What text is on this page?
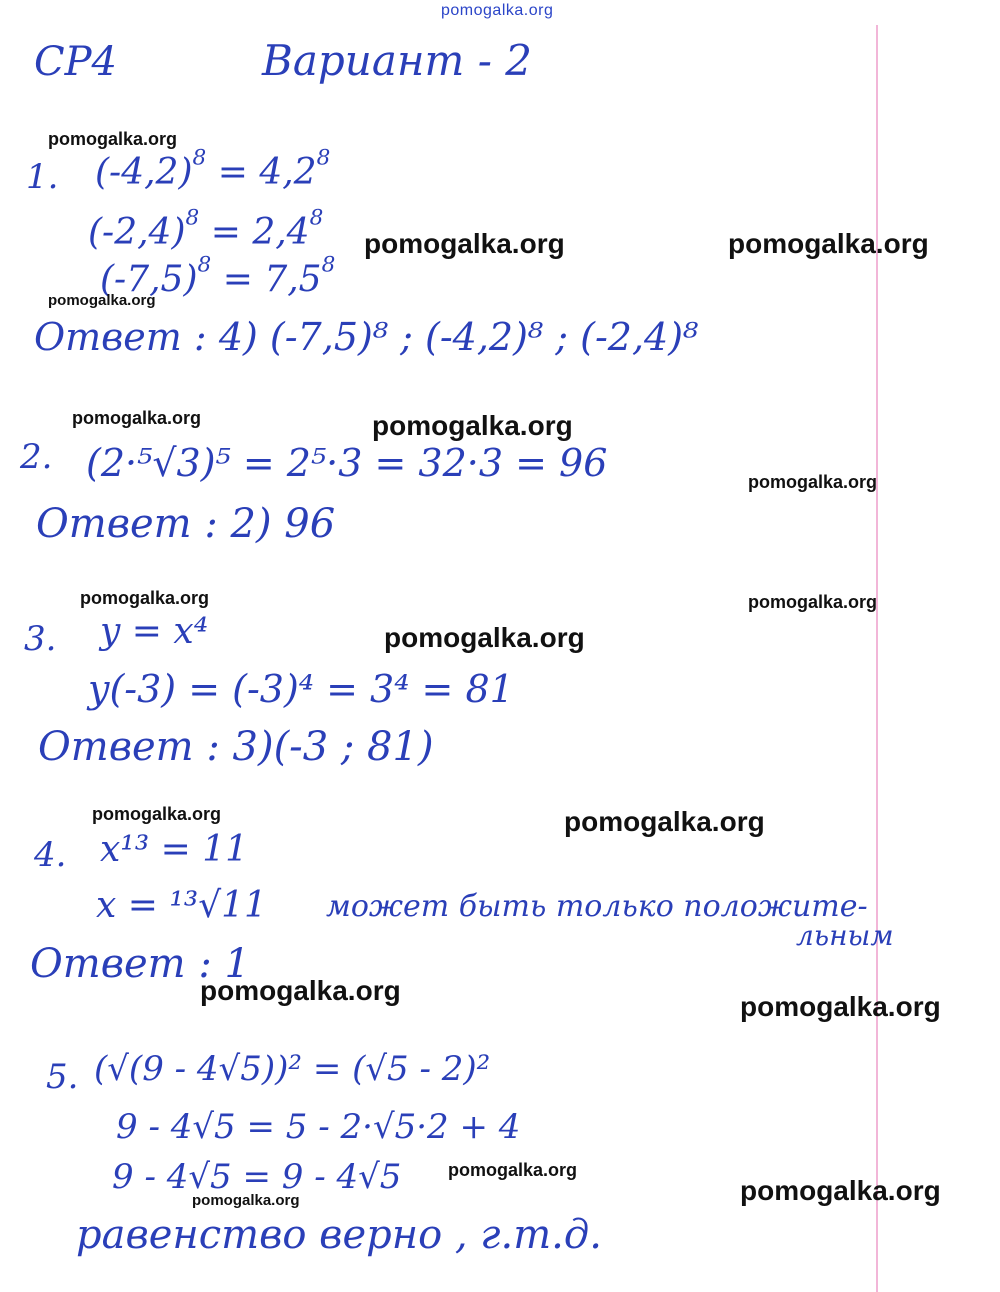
pomogalka.org
СР4	Вариант - 2
1. $(-4,2)^8 = 4,2^8$
$(-2,4)^8 = 2,4^8$
$(-7,5)^8 = 7,5^8$
Ответ : 4) (-7,5)⁸ ; (-4,2)⁸ ; (-2,4)⁸
2. (2·⁵√3)⁵ = 2⁵·3 = 32·3 = 96
Ответ : 2) 96
3. y = x⁴
y(-3) = (-3)⁴ = 3⁴ = 81
Ответ : 3)(-3 ; 81)
4. x¹³ = 11
x = ¹³√11 может быть только положите-
льным
Ответ : 1
5. (√(9 - 4√5))² = (√5 - 2)²
9 - 4√5 = 5 - 2·√5·2 + 4
9 - 4√5 = 9 - 4√5
равенство верно , г.т.д.
pomogalka.org
pomogalka.org	pomogalka.org
pomogalka.org
pomogalka.org	pomogalka.org
pomogalka.org
pomogalka.org	pomogalka.org
pomogalka.org
pomogalka.org	pomogalka.org
pomogalka.org
pomogalka.org
pomogalka.org
pomogalka.org
pomogalka.org
